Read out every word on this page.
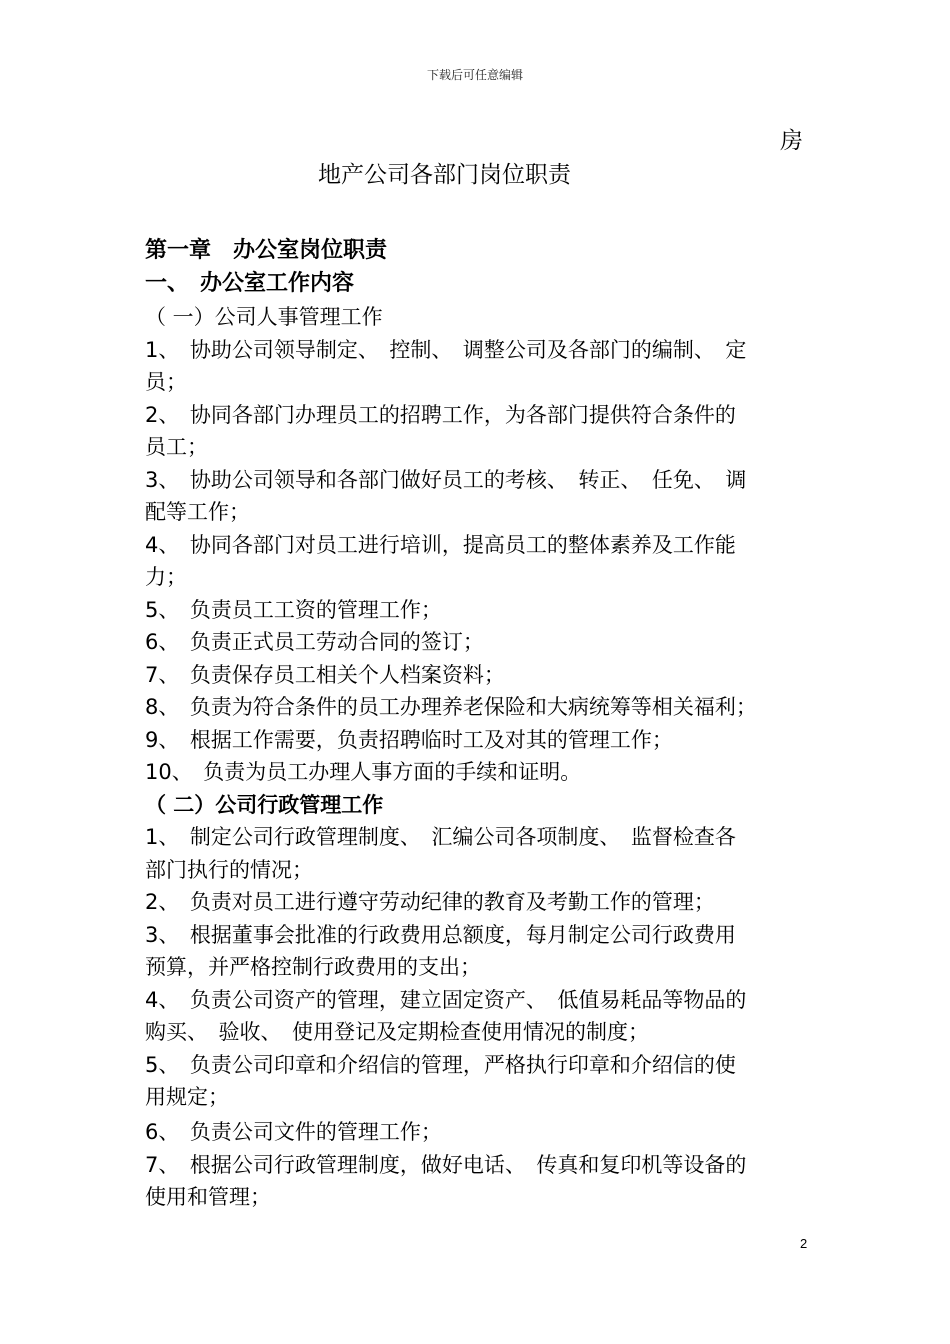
下载后可任意编辑
房
地产公司各部门岗位职责
第一章　办公室岗位职责
一、　办公室工作内容
（ 一）公司人事管理工作
1、　协助公司领导制定、　控制、　调整公司及各部门的编制、　定
员；
2、　协同各部门办理员工的招聘工作，为各部门提供符合条件的
员工；
3、　协助公司领导和各部门做好员工的考核、　转正、　任免、　调
配等工作；
4、　协同各部门对员工进行培训，提高员工的整体素养及工作能
力；
5、　负责员工工资的管理工作；
6、　负责正式员工劳动合同的签订；
7、　负责保存员工相关个人档案资料；
8、　负责为符合条件的员工办理养老保险和大病统筹等相关福利；
9、　根据工作需要，负责招聘临时工及对其的管理工作；
10、　负责为员工办理人事方面的手续和证明。
（ 二）公司行政管理工作
1、　制定公司行政管理制度、　汇编公司各项制度、　监督检查各
部门执行的情况；
2、　负责对员工进行遵守劳动纪律的教育及考勤工作的管理；
3、　根据董事会批准的行政费用总额度，每月制定公司行政费用
预算，并严格控制行政费用的支出；
4、　负责公司资产的管理，建立固定资产、　低值易耗品等物品的
购买、　验收、　使用登记及定期检查使用情况的制度；
5、　负责公司印章和介绍信的管理，严格执行印章和介绍信的使
用规定；
6、　负责公司文件的管理工作；
7、　根据公司行政管理制度，做好电话、　传真和复印机等设备的
使用和管理；
2
